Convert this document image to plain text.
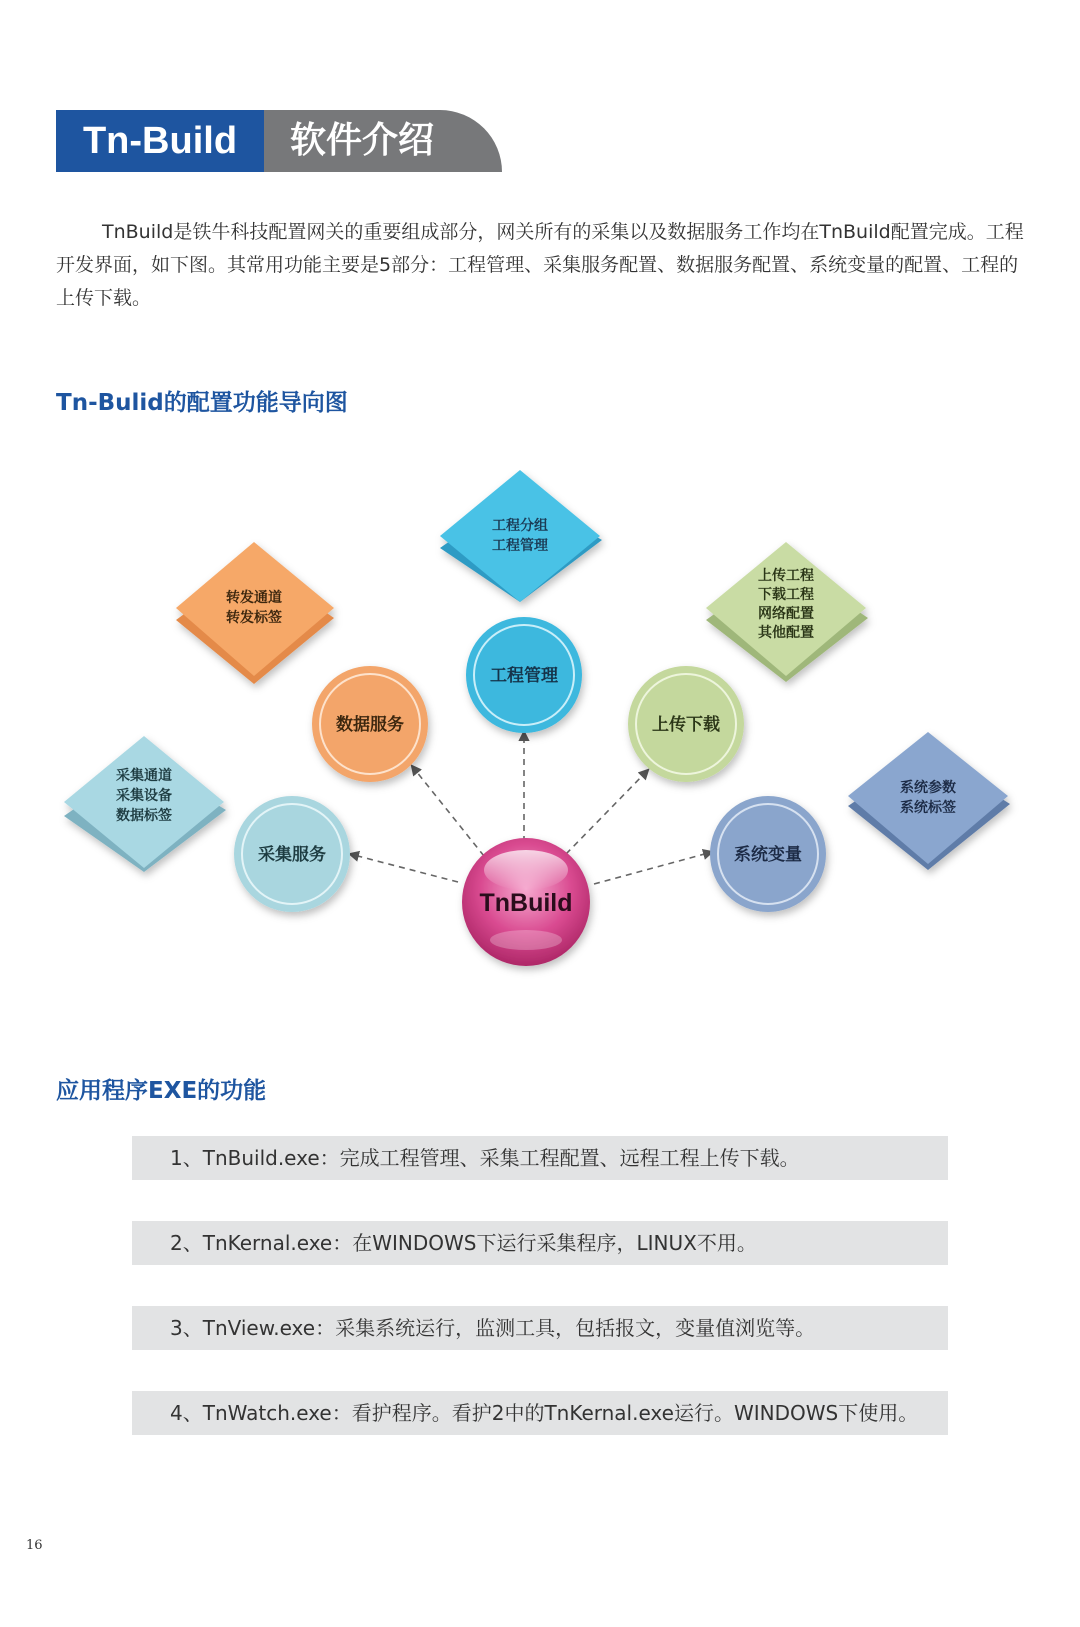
Tn-Build	软件介绍

TnBuild是铁牛科技配置网关的重要组成部分，网关所有的采集以及数据服务工作均在TnBuild配置完成。工程开发界面，如下图。其常用功能主要是5部分：工程管理、采集服务配置、数据服务配置、系统变量的配置、工程的上传下载。

Tn-Bulid的配置功能导向图
工程分组
工程管理
转发通道
转发标签
上传工程
下载工程
网络配置
其他配置
采集通道
采集设备
数据标签
系统参数
系统标签
工程管理
数据服务	上传下载
采集服务	系统变量
TnBuild
应用程序EXE的功能
1、TnBuild.exe：完成工程管理、采集工程配置、远程工程上传下载。
2、TnKernal.exe：在WINDOWS下运行采集程序，LINUX不用。
3、TnView.exe：采集系统运行，监测工具，包括报文，变量值浏览等。
4、TnWatch.exe：看护程序。看护2中的TnKernal.exe运行。WINDOWS下使用。
16
